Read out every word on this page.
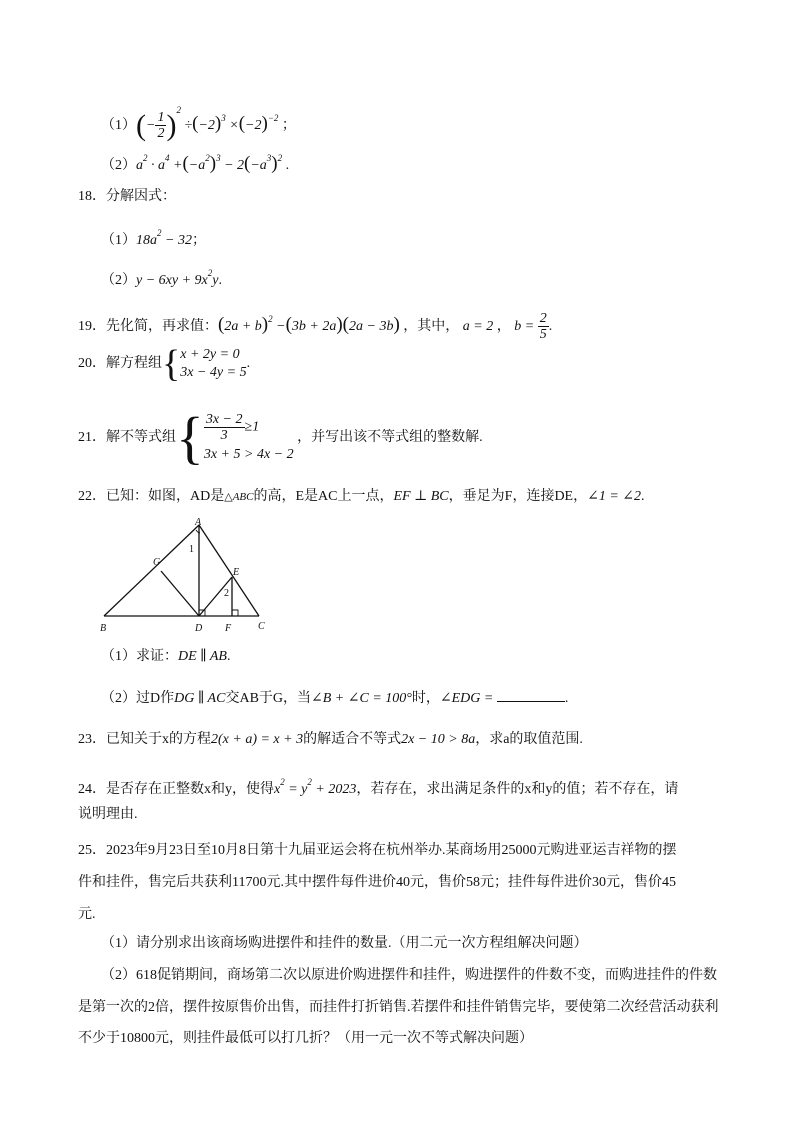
$(1)(- \frac{1}{2} )^2 \div(-2)^3 \times(-2)^{-2}$ ；
$(2)a^2 \cdot a^4 +(-a^2)^3 - 2(-a^3)^2$ .
18．分解因式：
$(1)18a^2 - 32$；
$(2)y - 6xy + 9x^2y$.
19．先化简，再求值：$(2a + b)^2 -(3b + 2a)(2a - 3b)$ ，其中， a = 2 ， $b = \frac{2}{5}$ .
20．解方程组{ x + 2y = 0
3x − 4y = 5
.
21．解不等式组{ $\frac{3x - 2}{3} \ge 1$
3x + 5 > 4x − 2
，并写出该不等式组的整数解.
22．已知：如图，AD是△ABC的高，E是AC上一点，EF ⊥ BC，垂足为F，连接DE，∠1 = ∠2.
A
G
1
E
2
B	D F	C
（1）求证：DE ∥ AB.
（2）过D作DG ∥ AC交AB于G，当∠B + ∠C = 100°时，∠EDG =	.
23．已知关于x的方程2(x + a) = x + 3的解适合不等式2x − 10 > 8a，求a的取值范围.
24．是否存在正整数x和y，使得$x^2 = y^2 + 2023$，若存在，求出满足条件的x和y的值；若不存在，请
说明理由.
25．2023年9月23日至10月8日第十九届亚运会将在杭州举办.某商场用25000元购进亚运吉祥物的摆
件和挂件，售完后共获利11700元.其中摆件每件进价40元，售价58元；挂件每件进价30元，售价45
元.
（1）请分别求出该商场购进摆件和挂件的数量.（用二元一次方程组解决问题）
（2）618促销期间，商场第二次以原进价购进摆件和挂件，购进摆件的件数不变，而购进挂件的件数
是第一次的2倍，摆件按原售价出售，而挂件打折销售.若摆件和挂件销售完毕，要使第二次经营活动获利
不少于10800元，则挂件最低可以打几折？（用一元一次不等式解决问题）
